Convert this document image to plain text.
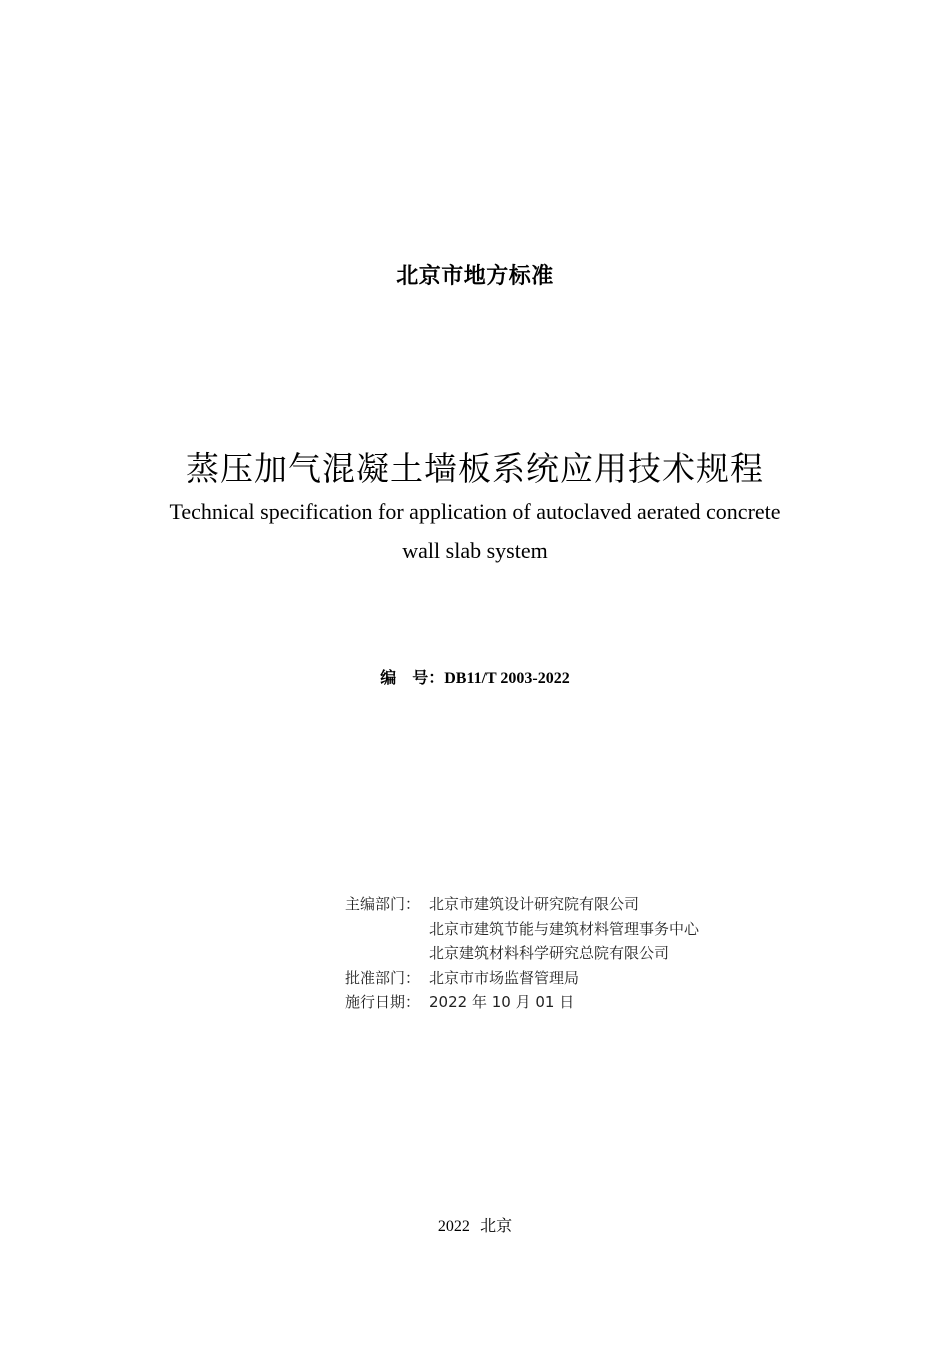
北京市地方标准
蒸压加气混凝土墙板系统应用技术规程
Technical specification for application of autoclaved aerated concrete
wall slab system
编　号：DB11/T 2003-2022
主编部门： 北京市建筑设计研究院有限公司
北京市建筑节能与建筑材料管理事务中心
北京建筑材料科学研究总院有限公司
批准部门： 北京市市场监督管理局
施行日期： 2022 年 10 月 01 日
2022 北京
